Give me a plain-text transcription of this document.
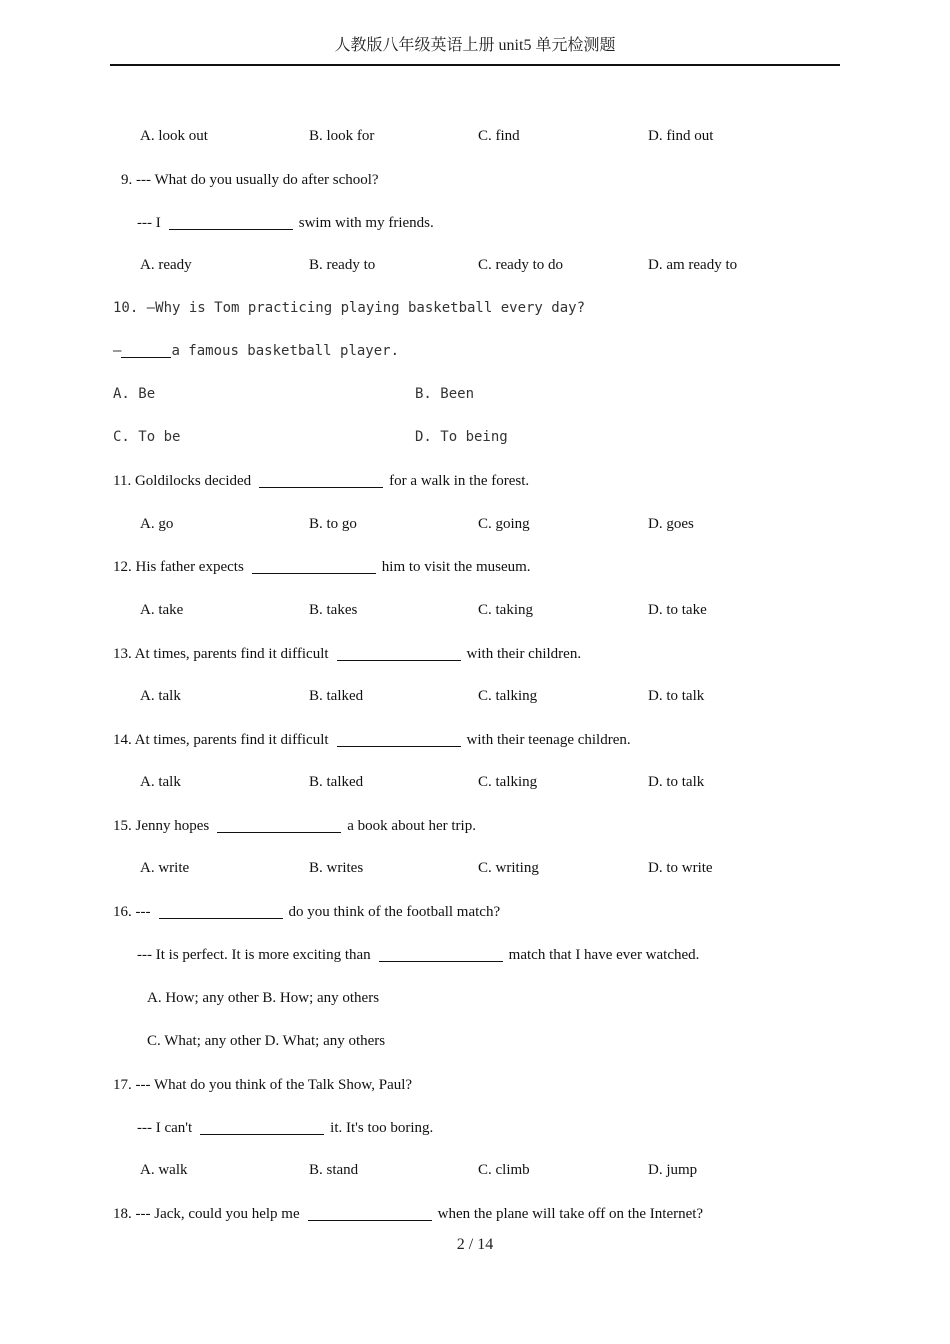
人教版八年级英语上册 unit5 单元检测题
A. look out	B. look for	C. find	D. find out
9. --- What do you usually do after school?
--- I	swim with my friends.
A. ready	B. ready to	C. ready to do	D. am ready to
10. —Why is Tom practicing playing basketball every day?
—	a famous basketball player.
A. Be	B. Been
C. To be	D. To being
11. Goldilocks decided	for a walk in the forest.
A. go	B. to go	C. going	D. goes
12. His father expects	him to visit the museum.
A. take	B. takes	C. taking	D. to take
13. At times, parents find it difficult	with their children.
A. talk	B. talked	C. talking	D. to talk
14. At times, parents find it difficult	with their teenage children.
A. talk	B. talked	C. talking	D. to talk
15. Jenny hopes	a book about her trip.
A. write	B. writes	C. writing	D. to write
16. ---	do you think of the football match?
--- It is perfect. It is more exciting than	match that I have ever watched.
A. How; any other B. How; any others
C. What; any other D. What; any others
17. --- What do you think of the Talk Show, Paul?
--- I can't	it. It's too boring.
A. walk	B. stand	C. climb	D. jump
18. --- Jack, could you help me	when the plane will take off on the Internet?
2 / 14
